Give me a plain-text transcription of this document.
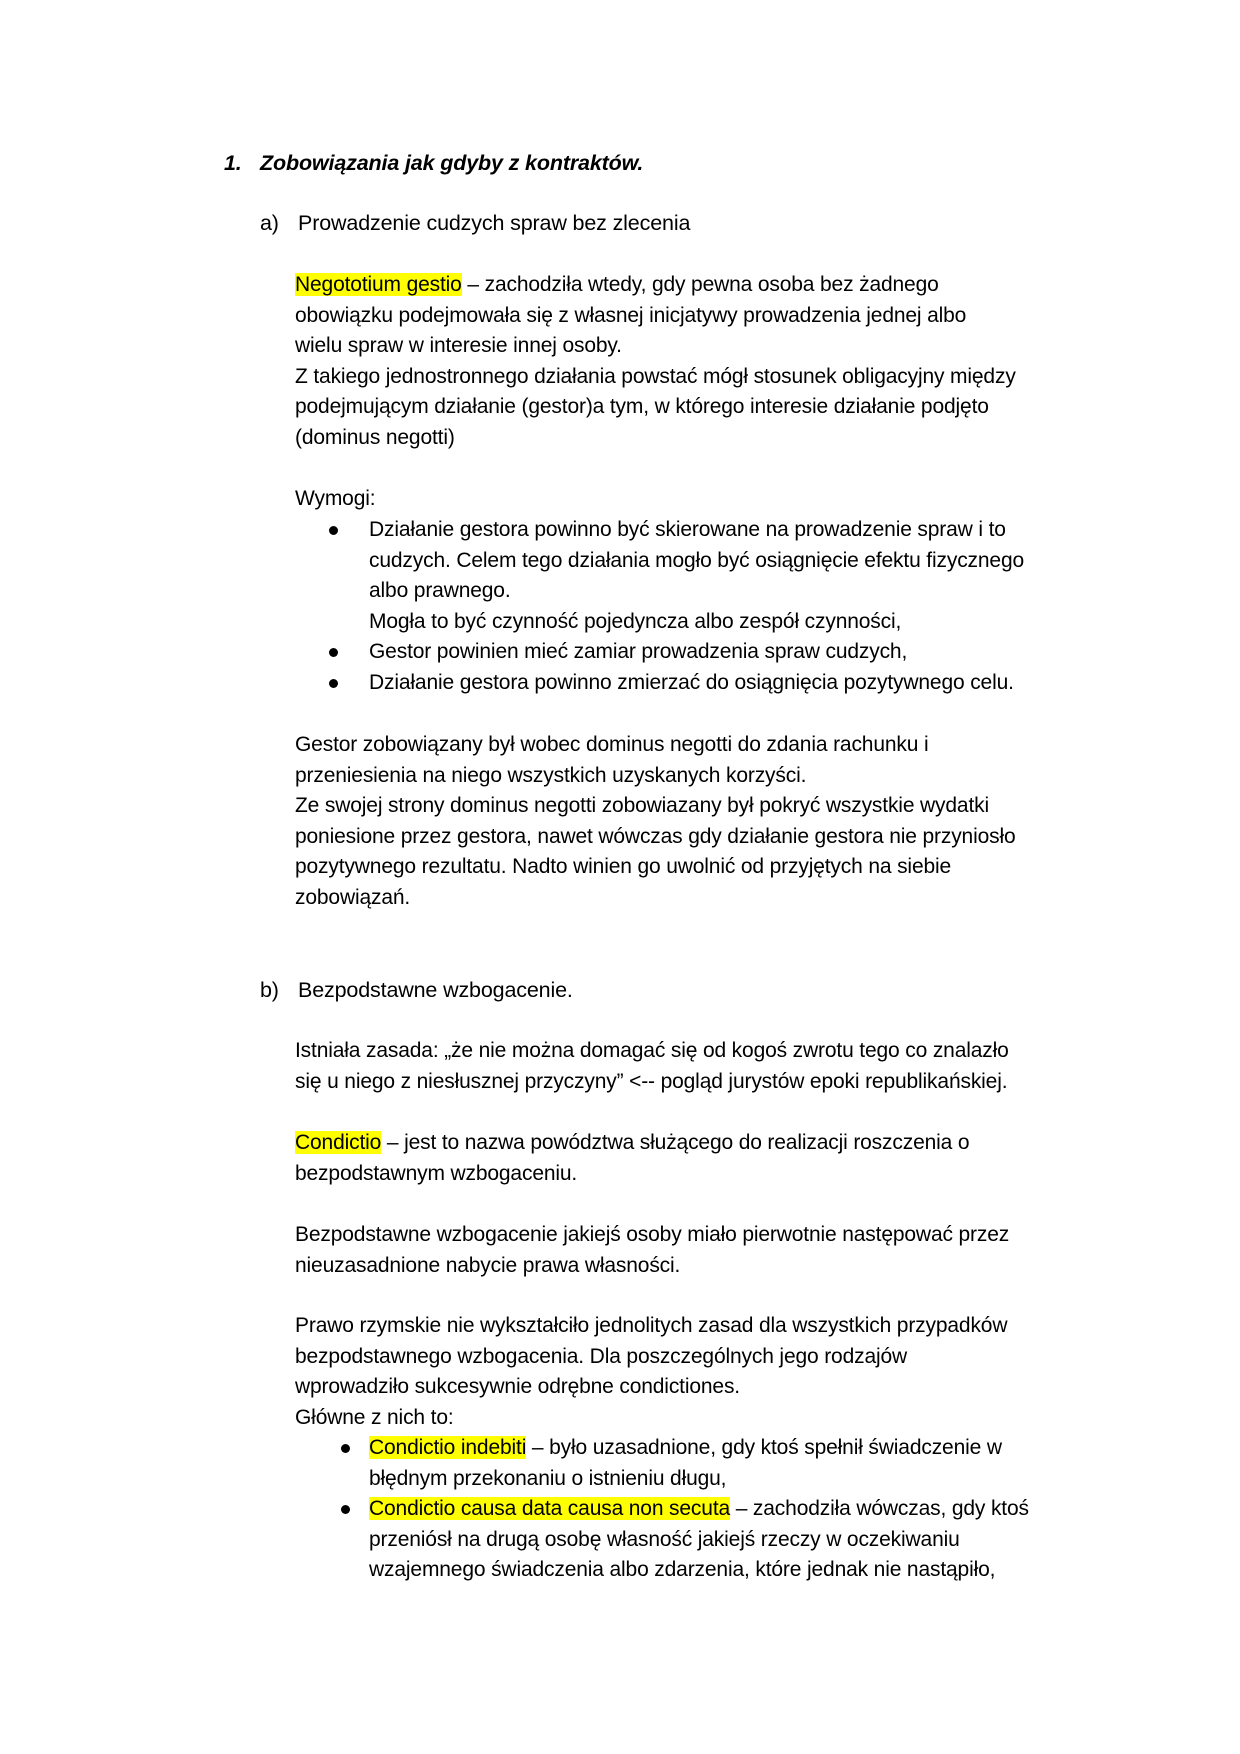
1. Zobowiązania jak gdyby z kontraktów.

a) Prowadzenie cudzych spraw bez zlecenia

Negototium gestio – zachodziła wtedy, gdy pewna osoba bez żadnego
obowiązku podejmowała się z własnej inicjatywy prowadzenia jednej albo
wielu spraw w interesie innej osoby.
Z takiego jednostronnego działania powstać mógł stosunek obligacyjny między
podejmującym działanie (gestor)a tym, w którego interesie działanie podjęto
(dominus negotti)

Wymogi:

Działanie gestora powinno być skierowane na prowadzenie spraw i to
cudzych. Celem tego działania mogło być osiągnięcie efektu fizycznego
albo prawnego.
Mogła to być czynność pojedyncza albo zespół czynności,
Gestor powinien mieć zamiar prowadzenia spraw cudzych,
Działanie gestora powinno zmierzać do osiągnięcia pozytywnego celu.

Gestor zobowiązany był wobec dominus negotti do zdania rachunku i
przeniesienia na niego wszystkich uzyskanych korzyści.
Ze swojej strony dominus negotti zobowiazany był pokryć wszystkie wydatki
poniesione przez gestora, nawet wówczas gdy działanie gestora nie przyniosło
pozytywnego rezultatu. Nadto winien go uwolnić od przyjętych na siebie
zobowiązań.

b) Bezpodstawne wzbogacenie.

Istniała zasada: „że nie można domagać się od kogoś zwrotu tego co znalazło
się u niego z niesłusznej przyczyny” <-- pogląd jurystów epoki republikańskiej.

Condictio – jest to nazwa powództwa służącego do realizacji roszczenia o
bezpodstawnym wzbogaceniu.

Bezpodstawne wzbogacenie jakiejś osoby miało pierwotnie następować przez
nieuzasadnione nabycie prawa własności.

Prawo rzymskie nie wykształciło jednolitych zasad dla wszystkich przypadków
bezpodstawnego wzbogacenia. Dla poszczególnych jego rodzajów
wprowadziło sukcesywnie odrębne condictiones.
Główne z nich to:

Condictio indebiti – było uzasadnione, gdy ktoś spełnił świadczenie w
błędnym przekonaniu o istnieniu długu,
Condictio causa data causa non secuta – zachodziła wówczas, gdy ktoś
przeniósł na drugą osobę własność jakiejś rzeczy w oczekiwaniu
wzajemnego świadczenia albo zdarzenia, które jednak nie nastąpiło,
